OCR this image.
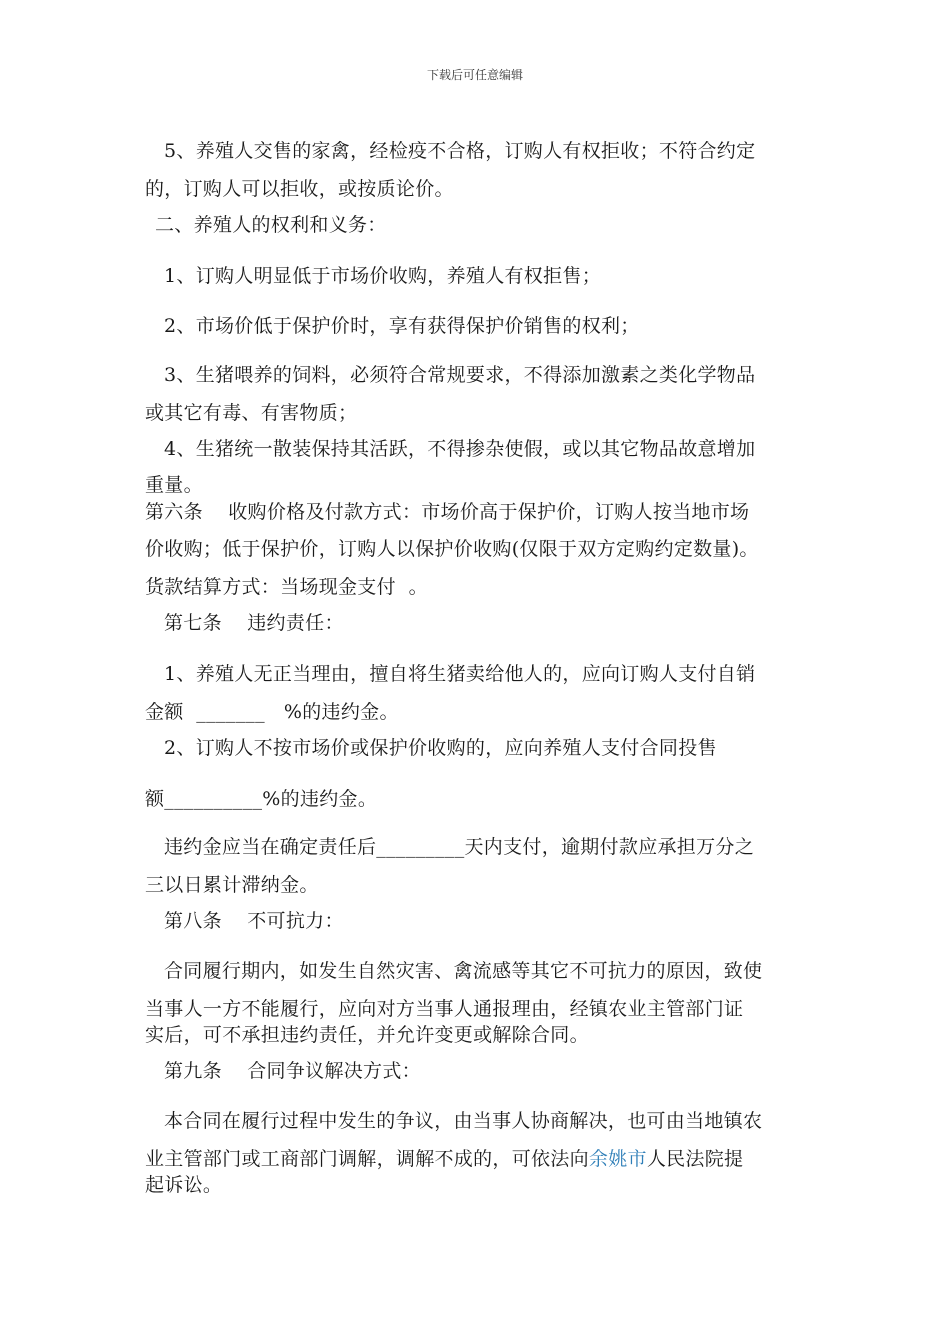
下载后可任意编辑
5、养殖人交售的家禽，经检疫不合格，订购人有权拒收；不符合约定
的，订购人可以拒收，或按质论价。
二、养殖人的权利和义务：
1、订购人明显低于市场价收购，养殖人有权拒售；
2、市场价低于保护价时，享有获得保护价销售的权利；
3、生猪喂养的饲料，必须符合常规要求，不得添加激素之类化学物品
或其它有毒、有害物质；
4、生猪统一散装保持其活跃，不得掺杂使假，或以其它物品故意增加
重量。
第六条    收购价格及付款方式：市场价高于保护价，订购人按当地市场
价收购；低于保护价，订购人以保护价收购(仅限于双方定购约定数量)。
货款结算方式：当场现金支付  。
第七条    违约责任：
1、养殖人无正当理由，擅自将生猪卖给他人的，应向订购人支付自销
金额  _______   %的违约金。
2、订购人不按市场价或保护价收购的，应向养殖人支付合同投售
额__________%的违约金。
违约金应当在确定责任后_________天内支付，逾期付款应承担万分之
三以日累计滞纳金。
第八条    不可抗力：
合同履行期内，如发生自然灾害、禽流感等其它不可抗力的原因，致使
当事人一方不能履行，应向对方当事人通报理由，经镇农业主管部门证
实后，可不承担违约责任，并允许变更或解除合同。
第九条    合同争议解决方式：
本合同在履行过程中发生的争议，由当事人协商解决，也可由当地镇农
业主管部门或工商部门调解，调解不成的，可依法向余姚市人民法院提
起诉讼。
